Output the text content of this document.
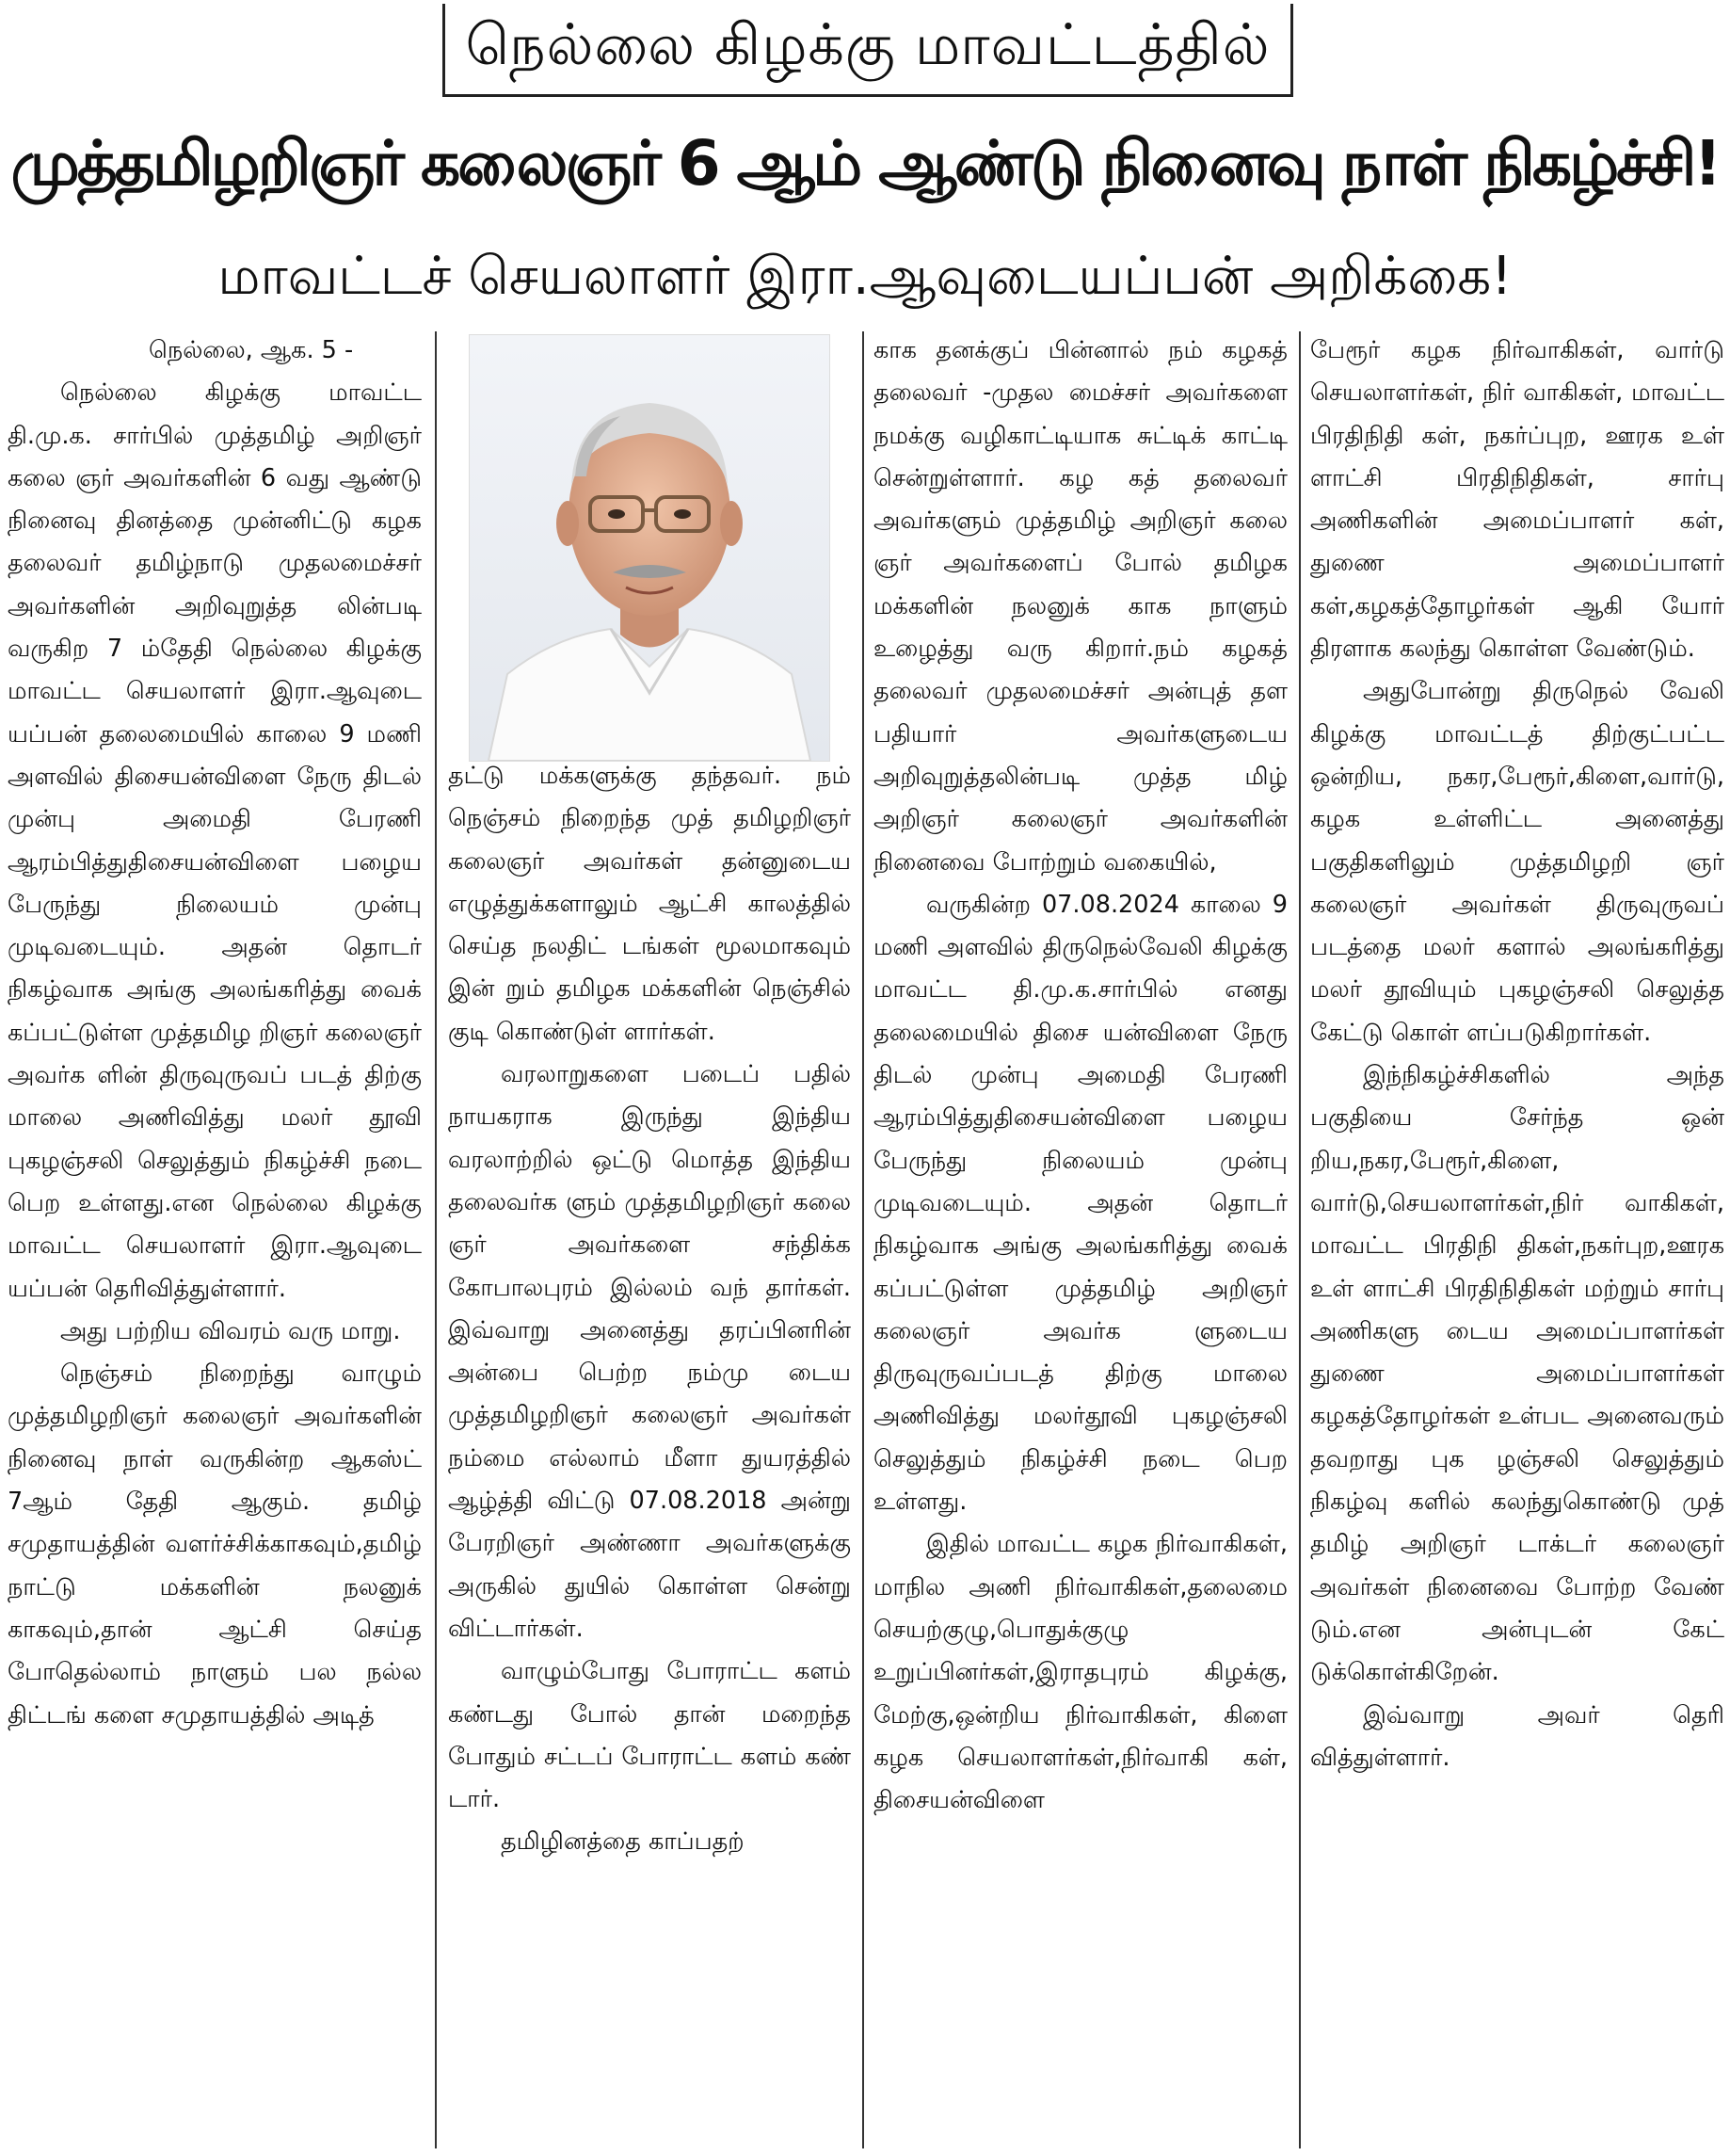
நெல்லை கிழக்கு மாவட்டத்தில்
முத்தமிழறிஞர் கலைஞர் 6 ஆம் ஆண்டு நினைவு நாள் நிகழ்ச்சி!
மாவட்டச் செயலாளர் இரா.ஆவுடையப்பன் அறிக்கை!

நெல்லை, ஆக. 5 -

நெல்லை கிழக்கு மாவட்ட தி.மு.க. சார்பில் முத்தமிழ் அறிஞர் கலை ஞர் அவர்களின் 6 வது ஆண்டு நினைவு தினத்தை முன்னிட்டு கழக தலைவர் தமிழ்நாடு முதலமைச்சர் அவர்களின் அறிவுறுத்த லின்படி வருகிற 7 ம்தேதி நெல்லை கிழக்கு மாவட்ட செயலாளர் இரா.ஆவுடை யப்பன் தலைமையில் காலை 9 மணி அளவில் திசையன்விளை நேரு திடல் முன்பு அமைதி பேரணி ஆரம்பித்துதிசையன்விளை பழைய பேருந்து நிலையம் முன்பு முடிவடையும். அதன் தொடர் நிகழ்வாக அங்கு அலங்கரித்து வைக் கப்பட்டுள்ள முத்தமிழ றிஞர் கலைஞர் அவர்க ளின் திருவுருவப் படத் திற்கு மாலை அணிவித்து மலர் தூவி புகழஞ்சலி செலுத்தும் நிகழ்ச்சி நடை பெற உள்ளது.என நெல்லை கிழக்கு மாவட்ட செயலாளர் இரா.ஆவுடை யப்பன் தெரிவித்துள்ளார்.

அது பற்றிய விவரம் வரு மாறு.

நெஞ்சம் நிறைந்து வாழும் முத்தமிழறிஞர் கலைஞர் அவர்களின் நினைவு நாள் வருகின்ற ஆகஸ்ட் 7ஆம் தேதி ஆகும். தமிழ் சமுதாயத்தின் வளர்ச்சிக்காகவும்,தமிழ் நாட்டு மக்களின் நலனுக் காகவும்,தான் ஆட்சி செய்த போதெல்லாம் நாளும் பல நல்ல திட்டங் களை சமுதாயத்தில் அடித்

தட்டு மக்களுக்கு தந்தவர். நம் நெஞ்சம் நிறைந்த முத் தமிழறிஞர் கலைஞர் அவர்கள் தன்னுடைய எழுத்துக்களாலும் ஆட்சி காலத்தில் செய்த நலதிட் டங்கள் மூலமாகவும் இன் றும் தமிழக மக்களின் நெஞ்சில் குடி கொண்டுள் ளார்கள்.

வரலாறுகளை படைப் பதில் நாயகராக இருந்து இந்திய வரலாற்றில் ஒட்டு மொத்த இந்திய தலைவர்க ளும் முத்தமிழறிஞர் கலை ஞர் அவர்களை சந்திக்க கோபாலபுரம் இல்லம் வந் தார்கள். இவ்வாறு அனைத்து தரப்பினரின் அன்பை பெற்ற நம்மு டைய முத்தமிழறிஞர் கலைஞர் அவர்கள் நம்மை எல்லாம் மீளா துயரத்தில் ஆழ்த்தி விட்டு 07.08.2018 அன்று பேரறிஞர் அண்ணா அவர்களுக்கு அருகில் துயில் கொள்ள சென்று விட்டார்கள்.

வாழும்போது போராட்ட களம் கண்டது போல் தான் மறைந்த போதும் சட்டப் போராட்ட களம் கண் டார்.

தமிழினத்தை காப்பதற்

காக தனக்குப் பின்னால் நம் கழகத் தலைவர் -முதல மைச்சர் அவர்களை நமக்கு வழிகாட்டியாக சுட்டிக் காட்டி சென்றுள்ளார். கழ கத் தலைவர் அவர்களும் முத்தமிழ் அறிஞர் கலை ஞர் அவர்களைப் போல் தமிழக மக்களின் நலனுக் காக நாளும் உழைத்து வரு கிறார்.நம் கழகத் தலைவர் முதலமைச்சர் அன்புத் தள பதியார் அவர்களுடைய அறிவுறுத்தலின்படி முத்த மிழ் அறிஞர் கலைஞர் அவர்களின் நினைவை போற்றும் வகையில்,

வருகின்ற 07.08.2024 காலை 9 மணி அளவில் திருநெல்வேலி கிழக்கு மாவட்ட தி.மு.க.சார்பில் எனது தலைமையில் திசை யன்விளை நேரு திடல் முன்பு அமைதி பேரணி ஆரம்பித்துதிசையன்விளை பழைய பேருந்து நிலையம் முன்பு முடிவடையும். அதன் தொடர் நிகழ்வாக அங்கு அலங்கரித்து வைக் கப்பட்டுள்ள முத்தமிழ் அறிஞர் கலைஞர் அவர்க ளுடைய திருவுருவப்படத் திற்கு மாலை அணிவித்து மலர்தூவி புகழஞ்சலி செலுத்தும் நிகழ்ச்சி நடை பெற உள்ளது.

இதில் மாவட்ட கழக நிர்வாகிகள், மாநில அணி நிர்வாகிகள்,தலைமை செயற்குழு,பொதுக்குழு உறுப்பினர்கள்,இராதபுரம் கிழக்கு, மேற்கு,ஒன்றிய நிர்வாகிகள், கிளை கழக செயலாளர்கள்,நிர்வாகி கள், திசையன்விளை

பேரூர் கழக நிர்வாகிகள், வார்டு செயலாளர்கள், நிர் வாகிகள், மாவட்ட பிரதிநிதி கள், நகர்ப்புற, ஊரக உள் ளாட்சி பிரதிநிதிகள், சார்பு அணிகளின் அமைப்பாளர் கள், துணை அமைப்பாளர் கள்,கழகத்தோழர்கள் ஆகி யோர் திரளாக கலந்து கொள்ள வேண்டும்.

அதுபோன்று திருநெல் வேலி கிழக்கு மாவட்டத் திற்குட்பட்ட ஒன்றிய, நகர,பேரூர்,கிளை,வார்டு, கழக உள்ளிட்ட அனைத்து பகுதிகளிலும் முத்தமிழறி ஞர் கலைஞர் அவர்கள் திருவுருவப் படத்தை மலர் களால் அலங்கரித்து மலர் தூவியும் புகழஞ்சலி செலுத்த கேட்டு கொள் ளப்படுகிறார்கள்.

இந்நிகழ்ச்சிகளில் அந்த பகுதியை சேர்ந்த ஒன் றிய,நகர,பேரூர்,கிளை, வார்டு,செயலாளர்கள்,நிர் வாகிகள், மாவட்ட பிரதிநி திகள்,நகர்புற,ஊரக உள் ளாட்சி பிரதிநிதிகள் மற்றும் சார்பு அணிகளு டைய அமைப்பாளர்கள் துணை அமைப்பாளர்கள் கழகத்தோழர்கள் உள்பட அனைவரும் தவறாது புக ழஞ்சலி செலுத்தும் நிகழ்வு களில் கலந்துகொண்டு முத் தமிழ் அறிஞர் டாக்டர் கலைஞர் அவர்கள் நினைவை போற்ற வேண் டும்.என அன்புடன் கேட் டுக்கொள்கிறேன்.

இவ்வாறு அவர் தெரி வித்துள்ளார்.
